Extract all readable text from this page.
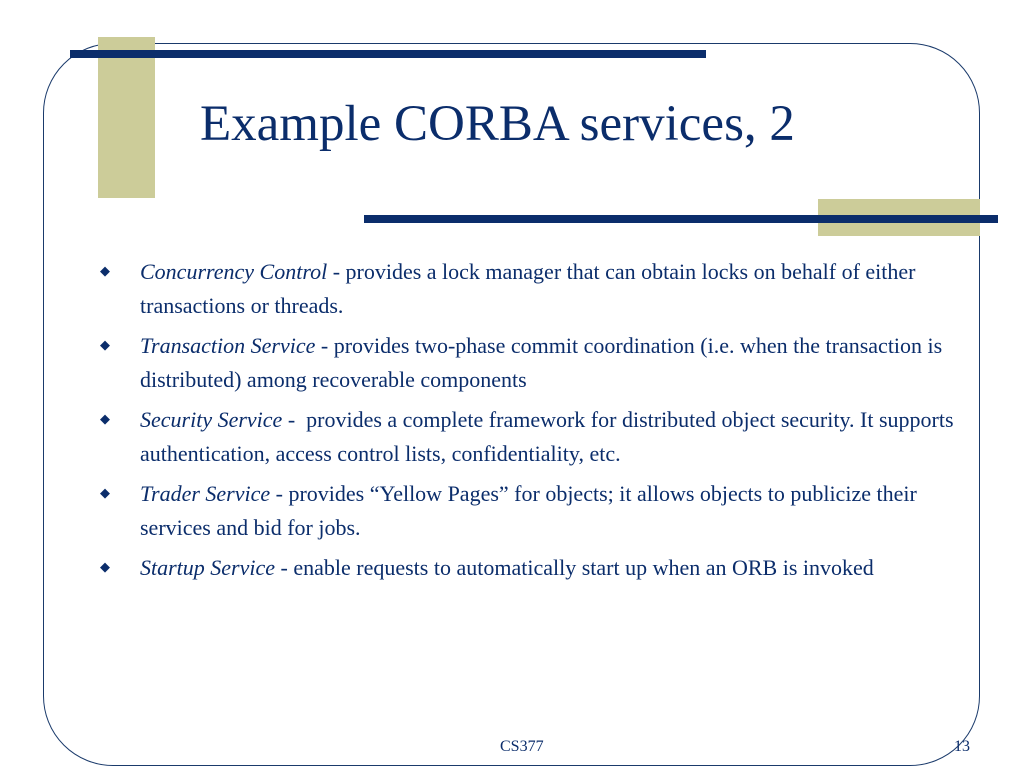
Example CORBA services, 2
◆	Concurrency Control - provides a lock manager that can obtain locks on behalf of either transactions or threads.
◆	Transaction Service - provides two-phase commit coordination (i.e. when the transaction is distributed) among recoverable components
◆	Security Service -  provides a complete framework for distributed object security. It supports authentication, access control lists, confidentiality, etc.
◆	Trader Service - provides “Yellow Pages” for objects; it allows objects to publicize their services and bid for jobs.
◆	Startup Service - enable requests to automatically start up when an ORB is invoked
CS377	13
